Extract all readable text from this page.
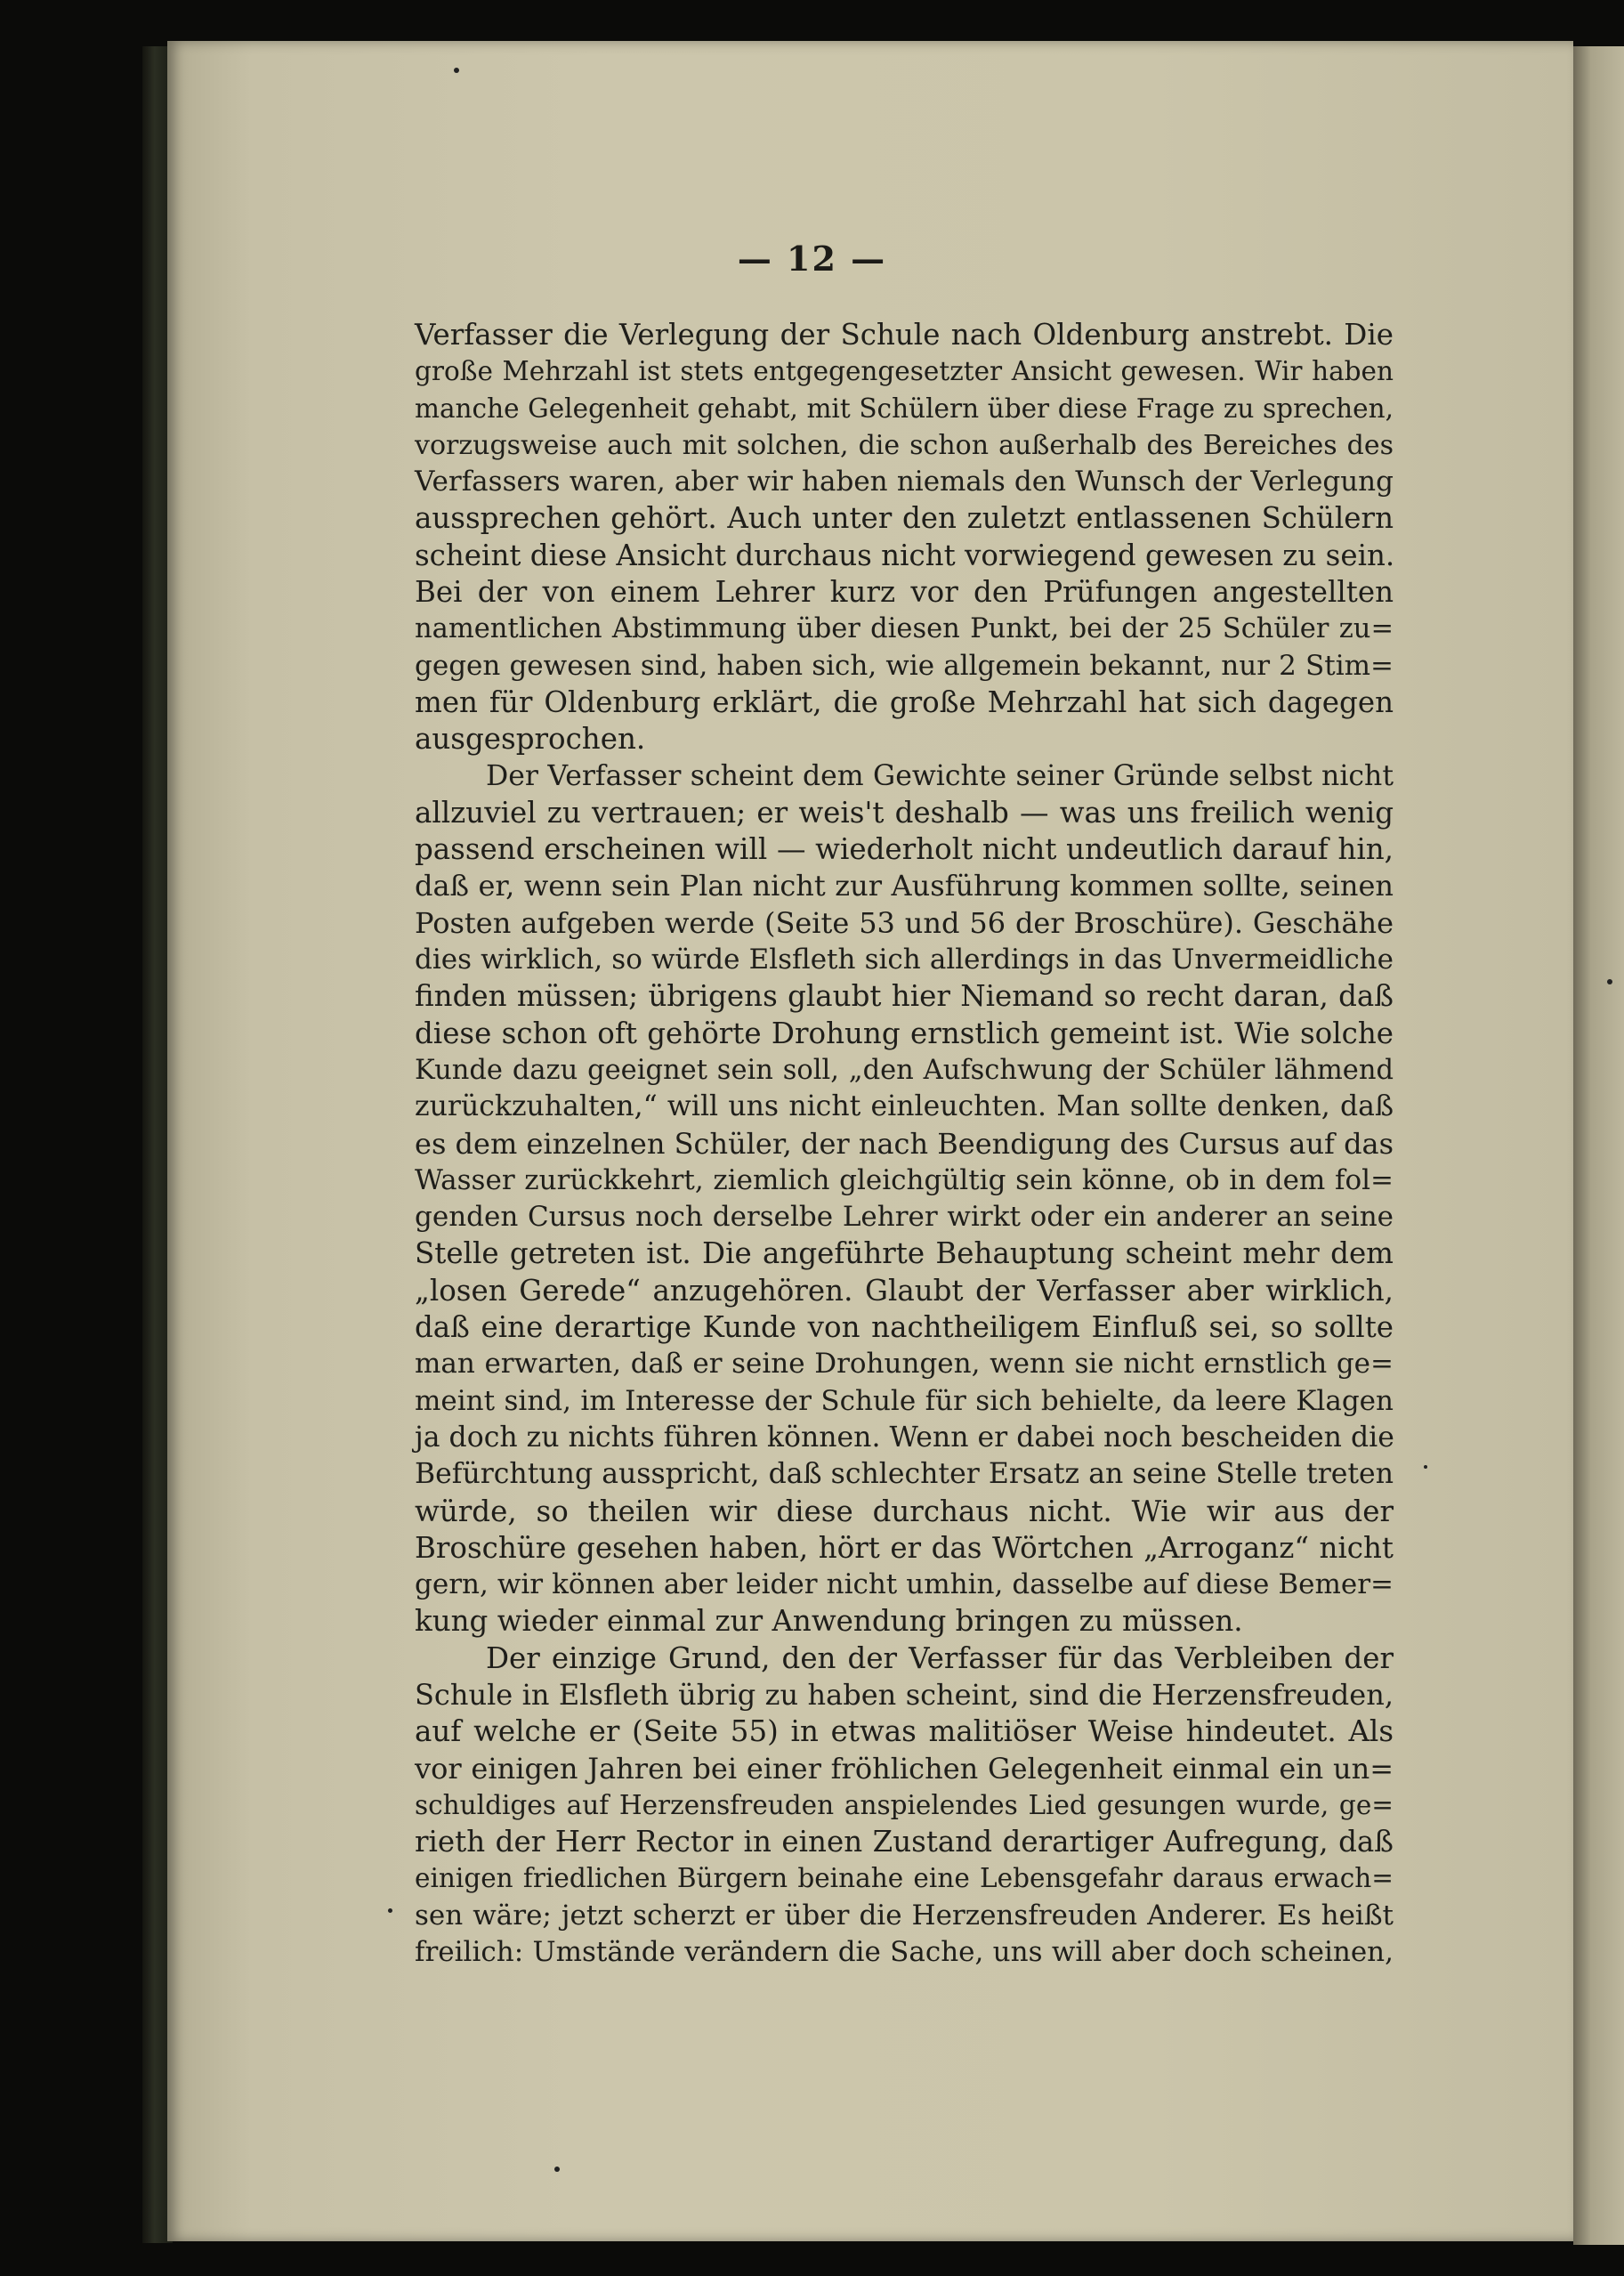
— 12 —
Verfasser die Verlegung der Schule nach Oldenburg anstrebt. Die
große Mehrzahl ist stets entgegengesetzter Ansicht gewesen. Wir haben
manche Gelegenheit gehabt, mit Schülern über diese Frage zu sprechen,
vorzugsweise auch mit solchen, die schon außerhalb des Bereiches des
Verfassers waren, aber wir haben niemals den Wunsch der Verlegung
aussprechen gehört. Auch unter den zuletzt entlassenen Schülern
scheint diese Ansicht durchaus nicht vorwiegend gewesen zu sein.
Bei der von einem Lehrer kurz vor den Prüfungen angestellten
namentlichen Abstimmung über diesen Punkt, bei der 25 Schüler zu=
gegen gewesen sind, haben sich, wie allgemein bekannt, nur 2 Stim=
men für Oldenburg erklärt, die große Mehrzahl hat sich dagegen
ausgesprochen.
Der Verfasser scheint dem Gewichte seiner Gründe selbst nicht
allzuviel zu vertrauen; er weis't deshalb — was uns freilich wenig
passend erscheinen will — wiederholt nicht undeutlich darauf hin,
daß er, wenn sein Plan nicht zur Ausführung kommen sollte, seinen
Posten aufgeben werde (Seite 53 und 56 der Broschüre). Geschähe
dies wirklich, so würde Elsfleth sich allerdings in das Unvermeidliche
finden müssen; übrigens glaubt hier Niemand so recht daran, daß
diese schon oft gehörte Drohung ernstlich gemeint ist. Wie solche
Kunde dazu geeignet sein soll, „den Aufschwung der Schüler lähmend
zurückzuhalten,“ will uns nicht einleuchten. Man sollte denken, daß
es dem einzelnen Schüler, der nach Beendigung des Cursus auf das
Wasser zurückkehrt, ziemlich gleichgültig sein könne, ob in dem fol=
genden Cursus noch derselbe Lehrer wirkt oder ein anderer an seine
Stelle getreten ist. Die angeführte Behauptung scheint mehr dem
„losen Gerede“ anzugehören. Glaubt der Verfasser aber wirklich,
daß eine derartige Kunde von nachtheiligem Einfluß sei, so sollte
man erwarten, daß er seine Drohungen, wenn sie nicht ernstlich ge=
meint sind, im Interesse der Schule für sich behielte, da leere Klagen
ja doch zu nichts führen können. Wenn er dabei noch bescheiden die
Befürchtung ausspricht, daß schlechter Ersatz an seine Stelle treten
würde, so theilen wir diese durchaus nicht. Wie wir aus der
Broschüre gesehen haben, hört er das Wörtchen „Arroganz“ nicht
gern, wir können aber leider nicht umhin, dasselbe auf diese Bemer=
kung wieder einmal zur Anwendung bringen zu müssen.
Der einzige Grund, den der Verfasser für das Verbleiben der
Schule in Elsfleth übrig zu haben scheint, sind die Herzensfreuden,
auf welche er (Seite 55) in etwas malitiöser Weise hindeutet. Als
vor einigen Jahren bei einer fröhlichen Gelegenheit einmal ein un=
schuldiges auf Herzensfreuden anspielendes Lied gesungen wurde, ge=
rieth der Herr Rector in einen Zustand derartiger Aufregung, daß
einigen friedlichen Bürgern beinahe eine Lebensgefahr daraus erwach=
sen wäre; jetzt scherzt er über die Herzensfreuden Anderer. Es heißt
freilich: Umstände verändern die Sache, uns will aber doch scheinen,
